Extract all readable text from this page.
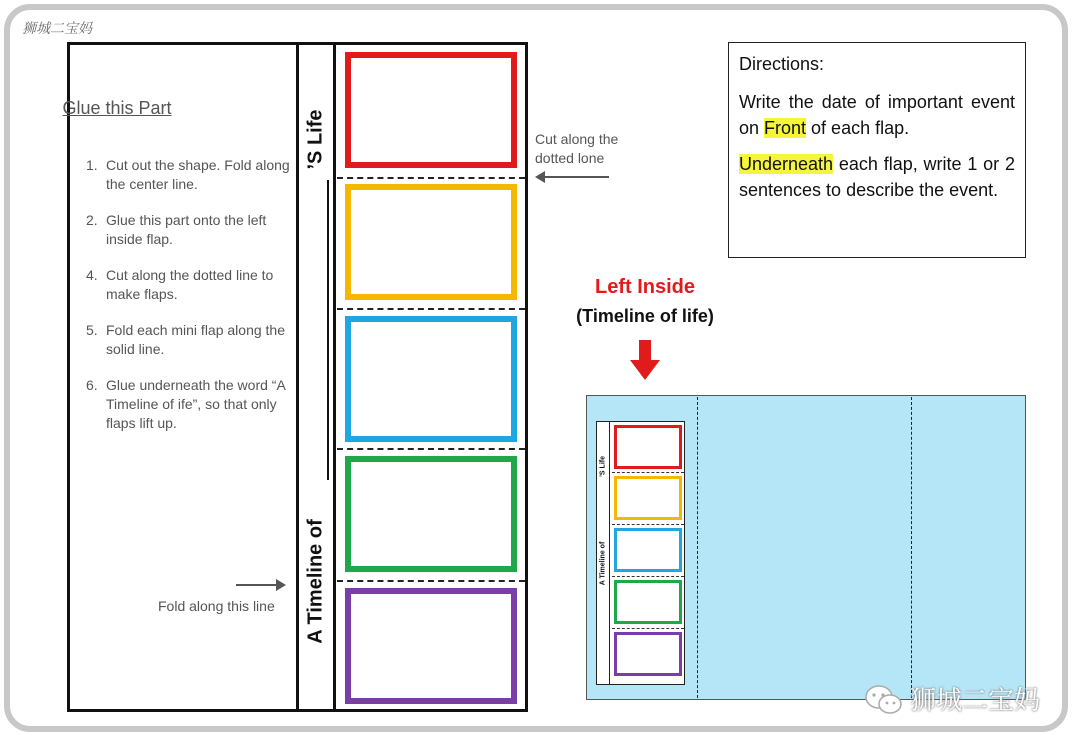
狮城二宝妈
Glue this Part
1. Cut out the shape. Fold along the center line.
2. Glue this part onto the left inside flap.
4. Cut along the dotted line to make flaps.
5. Fold each mini flap along the solid line.
6. Glue underneath the word “A Timeline of ife”, so that only flaps lift up.
Fold along this line
’S Life
A Timeline of
Cut along the dotted lone
Directions:
Write the date of important event on Front of each flap.
Underneath each flap, write 1 or 2 sentences to describe the event.
Left Inside
(Timeline of life)
’S Life
A Timeline of
狮城二宝妈
